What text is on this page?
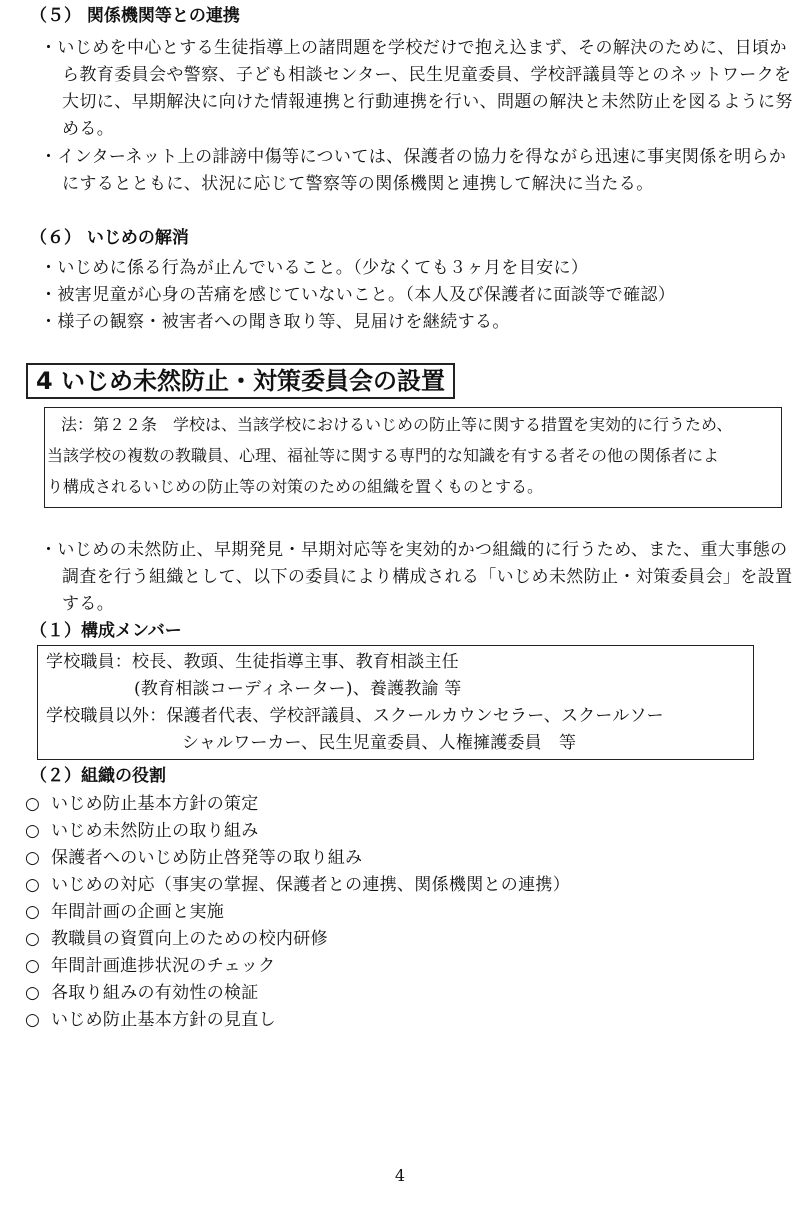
（５） 関係機関等との連携
・いじめを中心とする生徒指導上の諸問題を学校だけで抱え込まず、その解決のために、日頃から教育委員会や警察、子ども相談センター、民生児童委員、学校評議員等とのネットワークを大切に、早期解決に向けた情報連携と行動連携を行い、問題の解決と未然防止を図るように努める。
・インターネット上の誹謗中傷等については、保護者の協力を得ながら迅速に事実関係を明らかにするとともに、状況に応じて警察等の関係機関と連携して解決に当たる。
（６） いじめの解消
・いじめに係る行為が止んでいること。（少なくても３ヶ月を目安に）
・被害児童が心身の苦痛を感じていないこと。（本人及び保護者に面談等で確認）
・様子の観察・被害者への聞き取り等、見届けを継続する。
4 いじめ未然防止・対策委員会の設置
法：第２２条　学校は、当該学校におけるいじめの防止等に関する措置を実効的に行うため、
当該学校の複数の教職員、心理、福祉等に関する専門的な知識を有する者その他の関係者によ
り構成されるいじめの防止等の対策のための組織を置くものとする。
・いじめの未然防止、早期発見・早期対応等を実効的かつ組織的に行うため、また、重大事態の調査を行う組織として、以下の委員により構成される「いじめ未然防止・対策委員会」を設置する。
（１）構成メンバー
学校職員：校長、教頭、生徒指導主事、教育相談主任
(教育相談コーディネーター)、養護教諭 等
学校職員以外：保護者代表、学校評議員、スクールカウンセラー、スクールソー
シャルワーカー、民生児童委員、人権擁護委員　等
（２）組織の役割
○ いじめ防止基本方針の策定
○ いじめ未然防止の取り組み
○ 保護者へのいじめ防止啓発等の取り組み
○ いじめの対応（事実の掌握、保護者との連携、関係機関との連携）
○ 年間計画の企画と実施
○ 教職員の資質向上のための校内研修
○ 年間計画進捗状況のチェック
○ 各取り組みの有効性の検証
○ いじめ防止基本方針の見直し
4
